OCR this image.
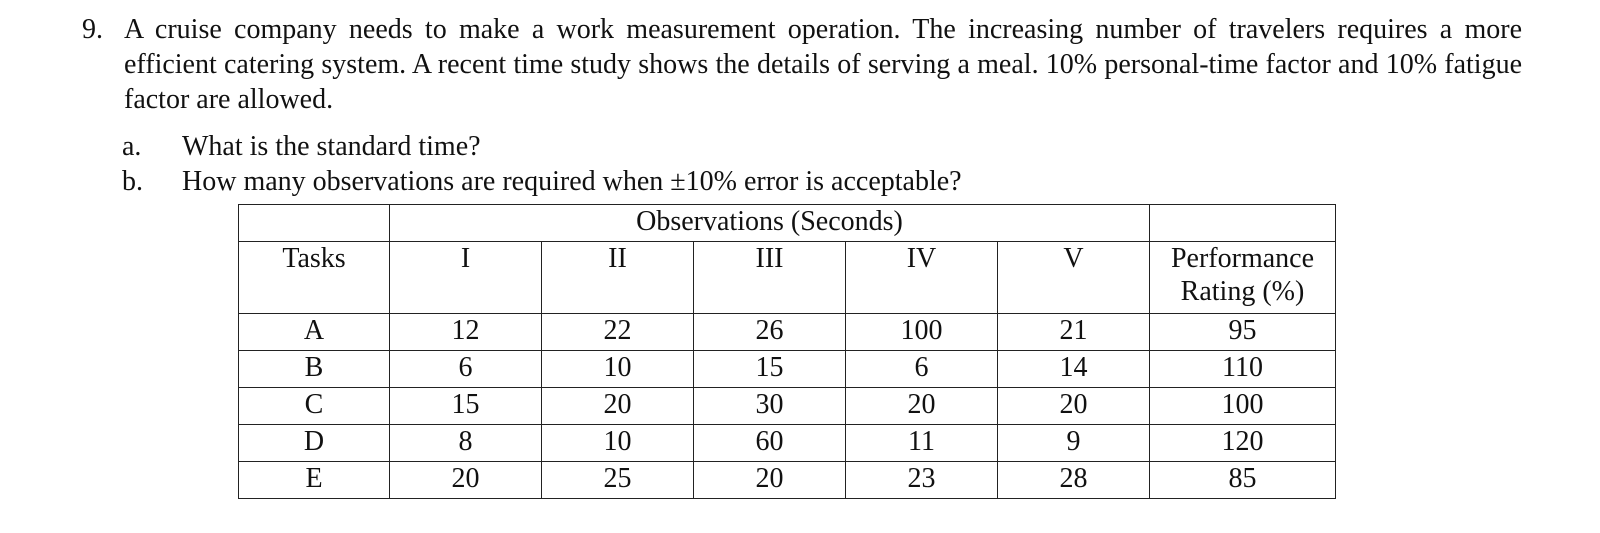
9. A cruise company needs to make a work measurement operation. The increasing number of travelers requires a more efficient catering system. A recent time study shows the details of serving a meal. 10% personal-time factor and 10% fatigue factor are allowed.
a. What is the standard time?
b. How many observations are required when ±10% error is acceptable?
	Observations (Seconds)					
Tasks	I	II	III	IV	V	Performance
Rating (%)
A	12	22	26	100	21	95
B	6	10	15	6	14	110
C	15	20	30	20	20	100
D	8	10	60	11	9	120
E	20	25	20	23	28	85
